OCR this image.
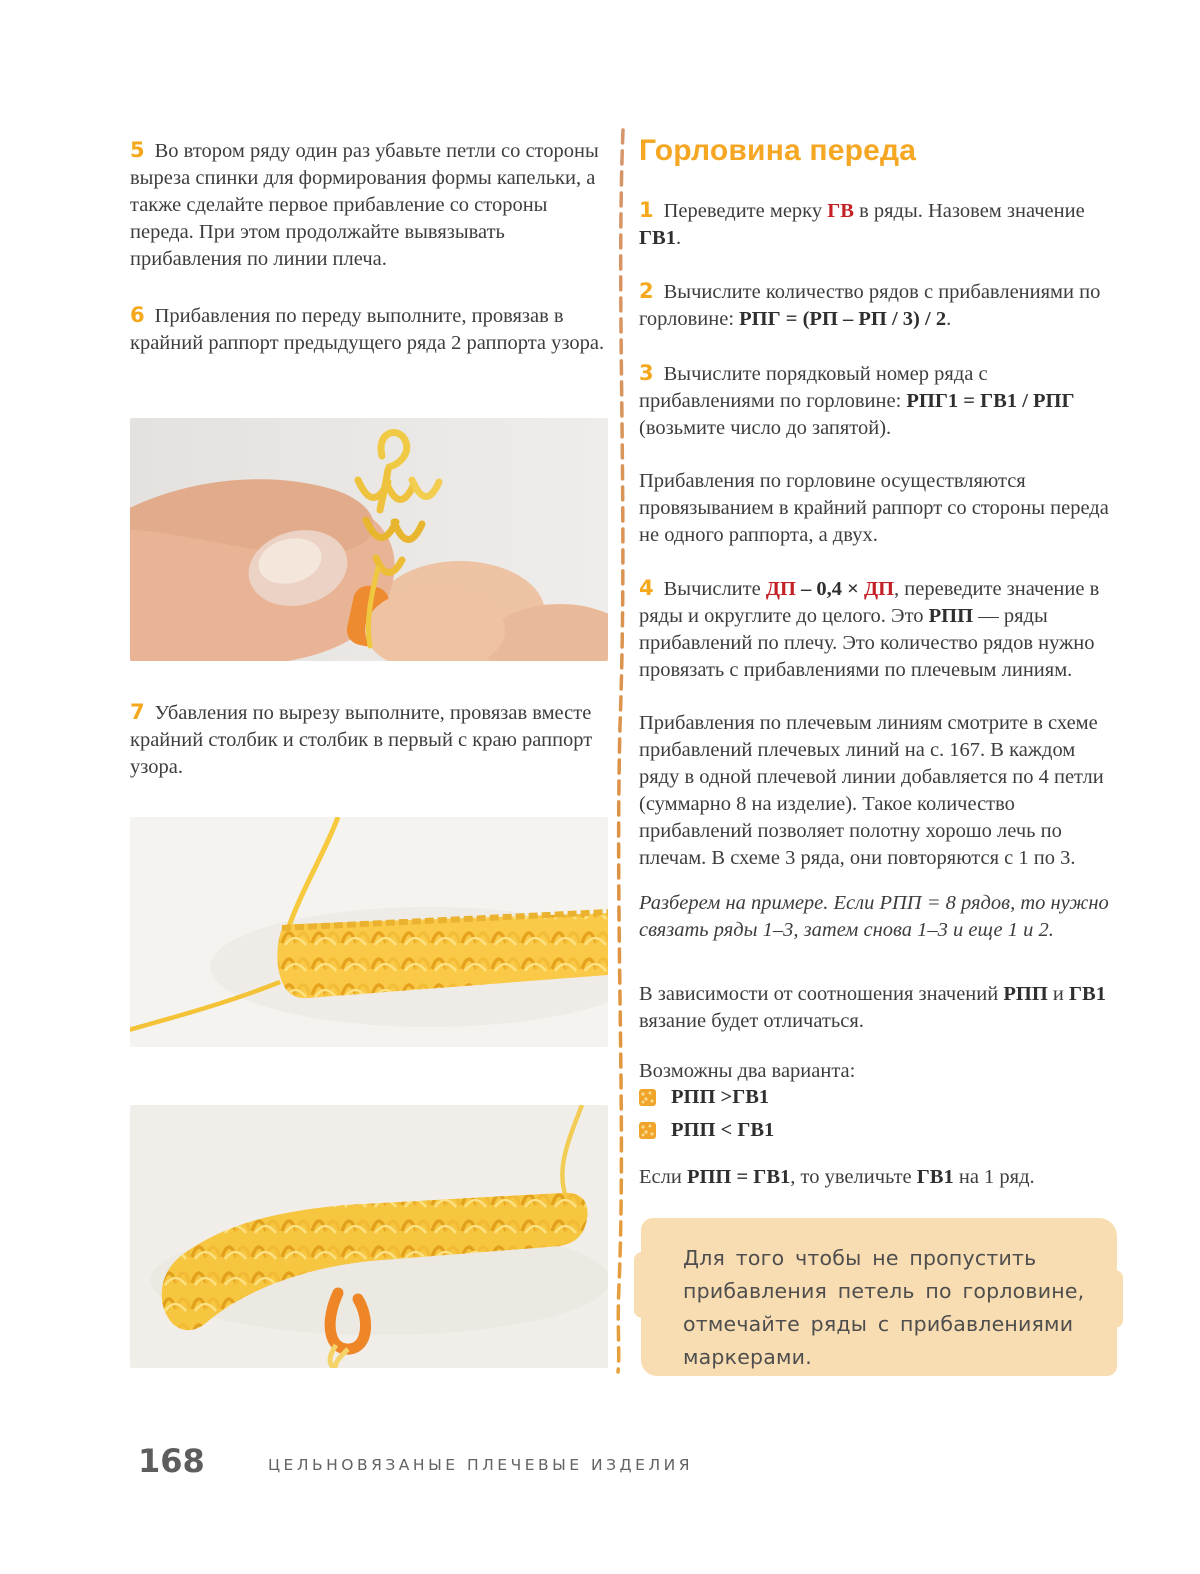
5 Во втором ряду один раз убавьте петли со стороны выреза спинки для формирования формы капельки, а также сделайте первое прибавление со стороны переда. При этом продолжайте вывязывать прибавления по линии плеча.

6 Прибавления по переду выполните, провязав в крайний раппорт предыдущего ряда 2 раппорта узора.

7 Убавления по вырезу выполните, провязав вместе крайний столбик и столбик в первый с краю раппорт узора.

Горловина переда

1 Переведите мерку ГВ в ряды. Назовем значение ГВ1.

2 Вычислите количество рядов с прибавлениями по горловине: РПГ = (РП – РП / 3) / 2.

3 Вычислите порядковый номер ряда с прибавлениями по горловине: РПГ1 = ГВ1 / РПГ (возьмите число до запятой).

Прибавления по горловине осуществляются провязыванием в крайний раппорт со стороны переда не одного раппорта, а двух.

4 Вычислите ДП – 0,4 × ДП, переведите значение в ряды и округлите до целого. Это РПП — ряды прибавлений по плечу. Это количество рядов нужно провязать с прибавлениями по плечевым линиям.

Прибавления по плечевым линиям смотрите в схеме прибавлений плечевых линий на с. 167. В каждом ряду в одной плечевой линии добавляется по 4 петли (суммарно 8 на изделие). Такое количество прибавлений позволяет полотну хорошо лечь по плечам. В схеме 3 ряда, они повторяются с 1 по 3.

Разберем на примере. Если РПП = 8 рядов, то нужно связать ряды 1–3, затем снова 1–3 и еще 1 и 2.

В зависимости от соотношения значений РПП и ГВ1 вязание будет отличаться.

Возможны два варианта:

РПП >ГВ1
РПП < ГВ1

Если РПП = ГВ1, то увеличьте ГВ1 на 1 ряд.

Для того чтобы не пропустить прибавления петель по горловине, отмечайте ряды с прибавлениями маркерами.

168	ЦЕЛЬНОВЯЗАНЫЕ ПЛЕЧЕВЫЕ ИЗДЕЛИЯ
